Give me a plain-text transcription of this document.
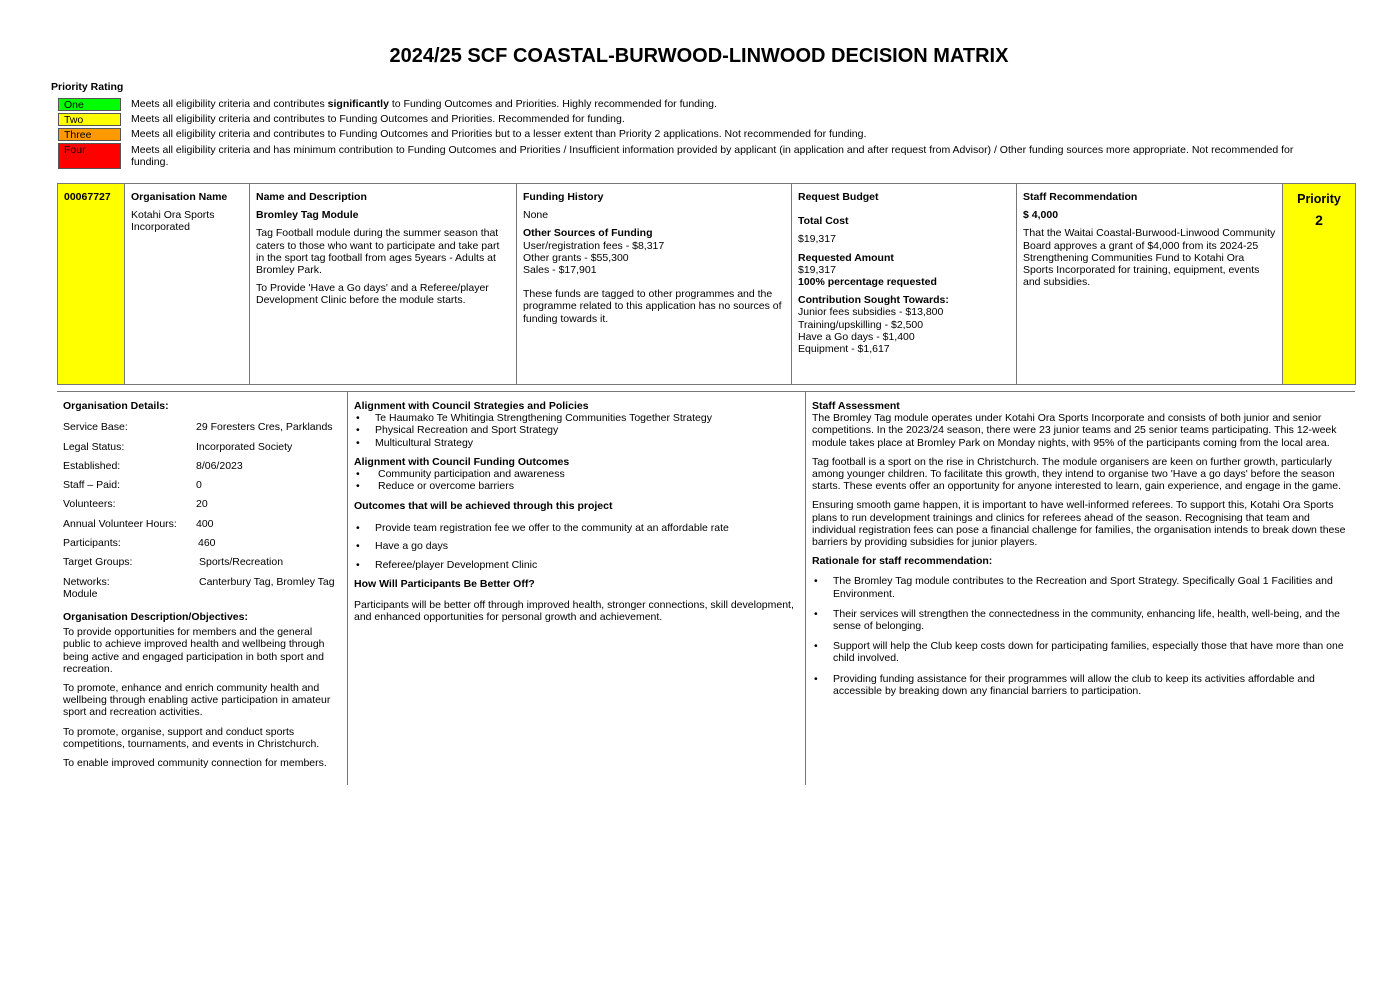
2024/25 SCF COASTAL-BURWOOD-LINWOOD DECISION MATRIX
Priority Rating
One	Meets all eligibility criteria and contributes significantly to Funding Outcomes and Priorities. Highly recommended for funding.
Two	Meets all eligibility criteria and contributes to Funding Outcomes and Priorities. Recommended for funding.
Three	Meets all eligibility criteria and contributes to Funding Outcomes and Priorities but to a lesser extent than Priority 2 applications. Not recommended for funding.
Four	Meets all eligibility criteria and has minimum contribution to Funding Outcomes and Priorities / Insufficient information provided by applicant (in application and after request from Advisor) / Other funding sources more appropriate. Not recommended for funding.
00067727	Organisation Name

Kotahi Ora Sports Incorporated

Name and Description

Bromley Tag Module

Tag Football module during the summer season that caters to those who want to participate and take part in the sport tag football from ages 5years - Adults at Bromley Park.

To Provide 'Have a Go days' and a Referee/player Development Clinic before the module starts.

Funding History

None

Other Sources of Funding

User/registration fees - $8,317

Other grants - $55,300

Sales - $17,901

These funds are tagged to other programmes and the programme related to this application has no sources of funding towards it.

Request Budget

Total Cost

$19,317

Requested Amount

$19,317

100% percentage requested

Contribution Sought Towards:

Junior fees subsidies - $13,800

Training/upskilling - $2,500

Have a Go days - $1,400

Equipment - $1,617

Staff Recommendation

$ 4,000

That the Waitai Coastal-Burwood-Linwood Community Board approves a grant of $4,000 from its 2024-25 Strengthening Communities Fund to Kotahi Ora Sports Incorporated for training, equipment, events and subsidies.

Priority

2

Organisation Details:

Service Base:	29 Foresters Cres, Parklands
Legal Status:	Incorporated Society
Established:	8/06/2023
Staff – Paid:	0
Volunteers:	20
Annual Volunteer Hours: 400
Participants:	460
Target Groups:	Sports/Recreation
Networks:	Canterbury Tag, Bromley Tag

Module

Organisation Description/Objectives:

To provide opportunities for members and the general public to achieve improved health and wellbeing through being active and engaged participation in both sport and recreation.

To promote, enhance and enrich community health and wellbeing through enabling active participation in amateur sport and recreation activities.

To promote, organise, support and conduct sports competitions, tournaments, and events in Christchurch.

To enable improved community connection for members.

Alignment with Council Strategies and Policies

• Te Haumako Te Whitingia Strengthening Communities Together Strategy
• Physical Recreation and Sport Strategy
• Multicultural Strategy

Alignment with Council Funding Outcomes

• Community participation and awareness
• Reduce or overcome barriers

Outcomes that will be achieved through this project

• Provide team registration fee we offer to the community at an affordable rate
• Have a go days
• Referee/player Development Clinic

How Will Participants Be Better Off?

Participants will be better off through improved health, stronger connections, skill development, and enhanced opportunities for personal growth and achievement.

Staff Assessment

The Bromley Tag module operates under Kotahi Ora Sports Incorporate and consists of both junior and senior competitions. In the 2023/24 season, there were 23 junior teams and 25 senior teams participating. This 12-week module takes place at Bromley Park on Monday nights, with 95% of the participants coming from the local area.

Tag football is a sport on the rise in Christchurch. The module organisers are keen on further growth, particularly among younger children. To facilitate this growth, they intend to organise two 'Have a go days' before the season starts. These events offer an opportunity for anyone interested to learn, gain experience, and engage in the game.

Ensuring smooth game happen, it is important to have well-informed referees. To support this, Kotahi Ora Sports plans to run development trainings and clinics for referees ahead of the season. Recognising that team and individual registration fees can pose a financial challenge for families, the organisation intends to break down these barriers by providing subsidies for junior players.

Rationale for staff recommendation:

• The Bromley Tag module contributes to the Recreation and Sport Strategy. Specifically Goal 1 Facilities and Environment.
• Their services will strengthen the connectedness in the community, enhancing life, health, well-being, and the sense of belonging.
• Support will help the Club keep costs down for participating families, especially those that have more than one child involved.
• Providing funding assistance for their programmes will allow the club to keep its activities affordable and accessible by breaking down any financial barriers to participation.
